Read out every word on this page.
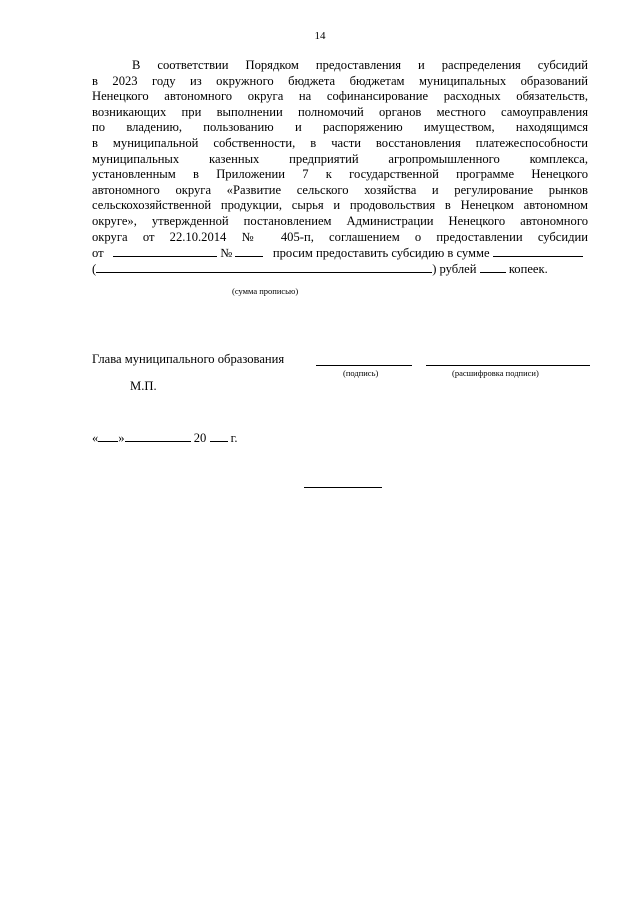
14
В соответствии Порядком предоставления и распределения субсидий
в 2023 году из окружного бюджета бюджетам муниципальных образований
Ненецкого автономного округа на софинансирование расходных обязательств,
возникающих при выполнении полномочий органов местного самоуправления
по владению, пользованию и распоряжению имуществом, находящимся
в муниципальной собственности, в части восстановления платежеспособности
муниципальных казенных предприятий агропромышленного комплекса,
установленным в Приложении 7 к государственной программе Ненецкого
автономного округа «Развитие сельского хозяйства и регулирование рынков
сельскохозяйственной продукции, сырья и продовольствия в Ненецком автономном
округе», утвержденной постановлением Администрации Ненецкого автономного
округа от 22.10.2014 № 405-п, соглашением о предоставлении субсидии
от	№	просим предоставить субсидию в сумме
(	) рублей	копеек.
(сумма прописью)
Глава муниципального образования
(подпись)	(расшифровка подписи)
М.П.
« »	20 г.
